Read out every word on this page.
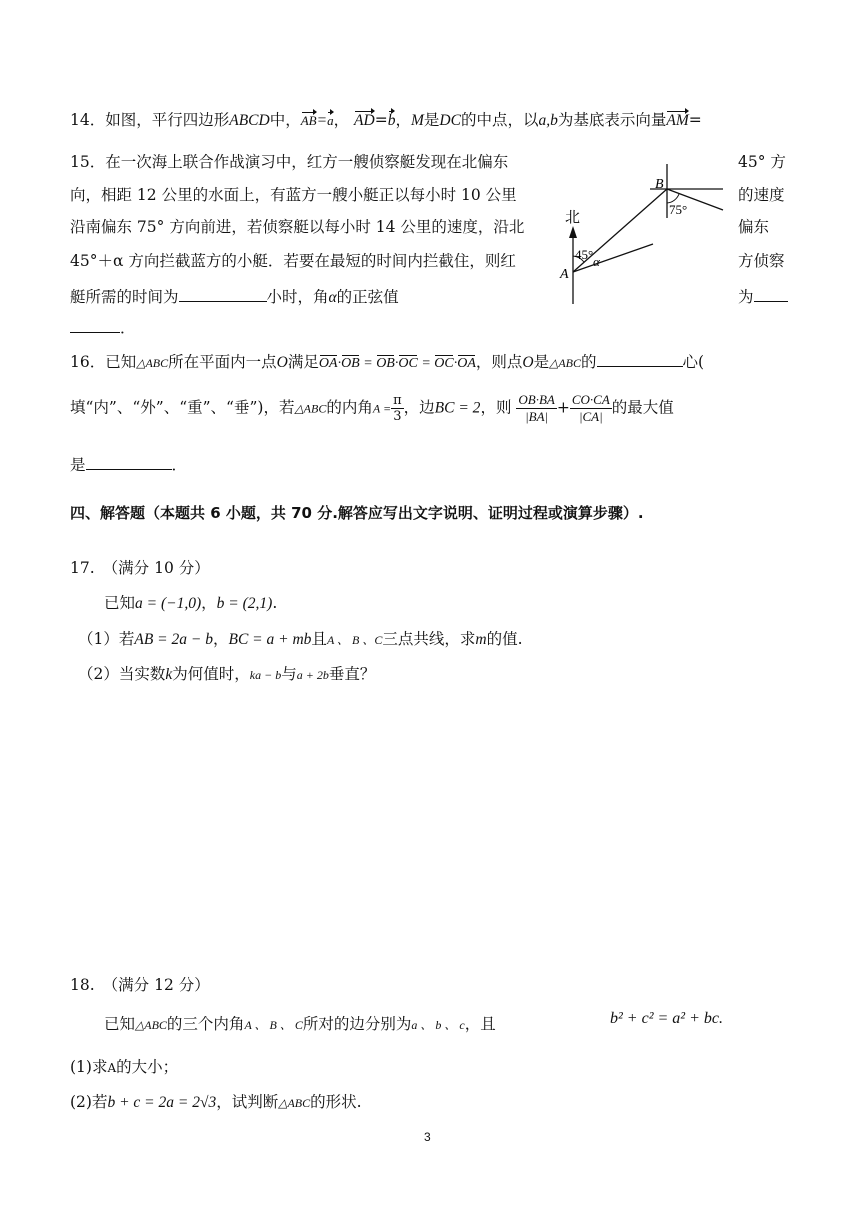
14．如图，平行四边形ABCD中，AB=a， AD=b，M是DC的中点，以a,b为基底表示向量AM=
15．在一次海上联合作战演习中，红方一艘侦察艇发现在北偏东	45° 方
向，相距 12 公里的水面上，有蓝方一艘小艇正以每小时 10 公里	的速度
沿南偏东 75° 方向前进，若侦察艇以每小时 14 公里的速度，沿北	偏东
45°＋α 方向拦截蓝方的小艇．若要在最短的时间内拦截住，则红	方侦察
艇所需的时间为	小时，角α的正弦值	为
．
北
B
A
75°
45° α
16．已知△ABC所在平面内一点O满足OA·OB = OB·OC = OC·OA，则点O是△ABC的	心(
填“内”、“外”、“重”、“垂”)，若△ABC的内角$A = \frac{\pi}{3}$ ，边BC = 2，则 $\frac{OB\cdot BA}{|BA|} + \frac{CO\cdot CA}{|CA|}$ 的最大值
是	．
四、解答题（本题共 6 小题，共 70 分.解答应写出文字说明、证明过程或演算步骤）.
17. （满分 10 分）
已知a = (−1,0)，b = (2,1).
（1）若AB = 2a − b，BC = a + mb且A 、 B 、C三点共线，求m的值.
（2）当实数k为何值时，ka − b与a + 2b垂直？
18. （满分 12 分）
已知△ABC的三个内角A 、 B 、 C所对的边分别为a 、 b 、 c，且	b² + c² = a² + bc.
(1)求A的大小；
(2)若b + c = 2a = 2√3，试判断△ABC的形状.
3
